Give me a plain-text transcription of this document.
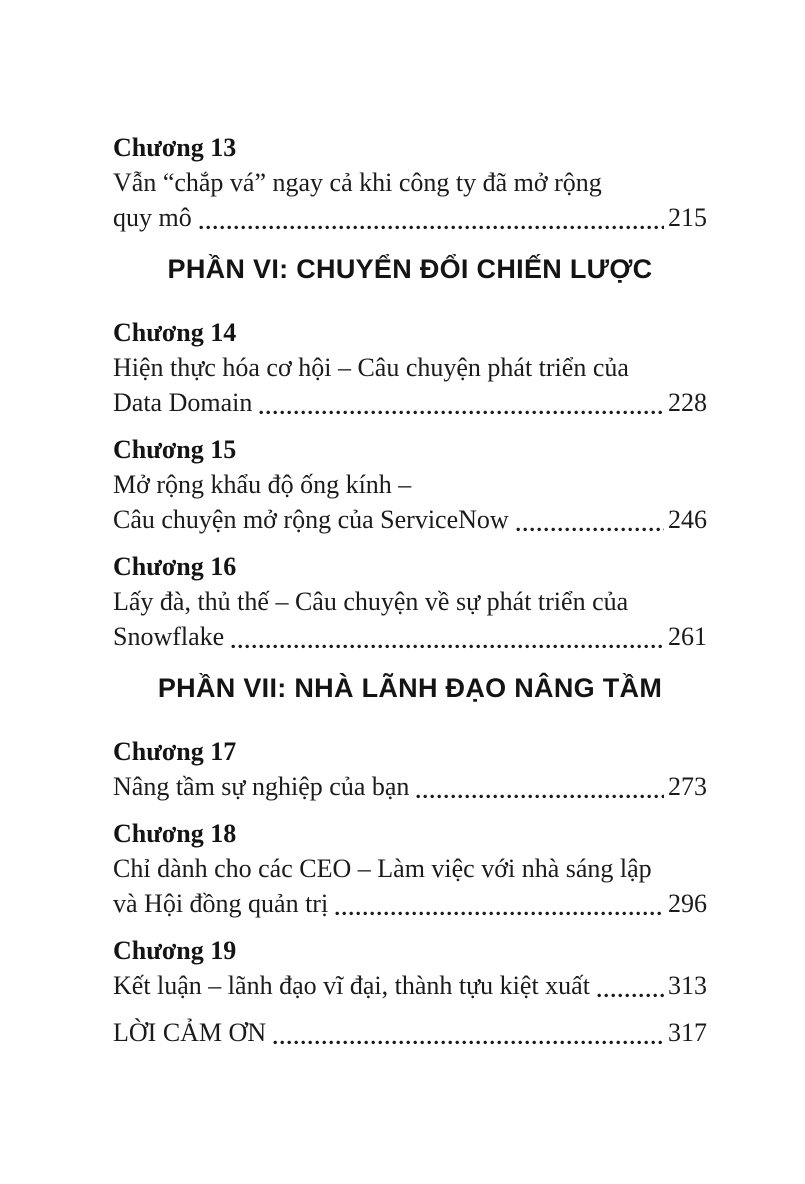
Chương 13
Vẫn “chắp vá” ngay cả khi công ty đã mở rộng
quy mô	215
PHẦN VI: CHUYỂN ĐỔI CHIẾN LƯỢC
Chương 14
Hiện thực hóa cơ hội – Câu chuyện phát triển của
Data Domain	228
Chương 15
Mở rộng khẩu độ ống kính –
Câu chuyện mở rộng của ServiceNow	246
Chương 16
Lấy đà, thủ thế – Câu chuyện về sự phát triển của
Snowflake	261
PHẦN VII: NHÀ LÃNH ĐẠO NÂNG TẦM
Chương 17
Nâng tầm sự nghiệp của bạn	273
Chương 18
Chỉ dành cho các CEO – Làm việc với nhà sáng lập
và Hội đồng quản trị	296
Chương 19
Kết luận – lãnh đạo vĩ đại, thành tựu kiệt xuất	313
LỜI CẢM ƠN	317
